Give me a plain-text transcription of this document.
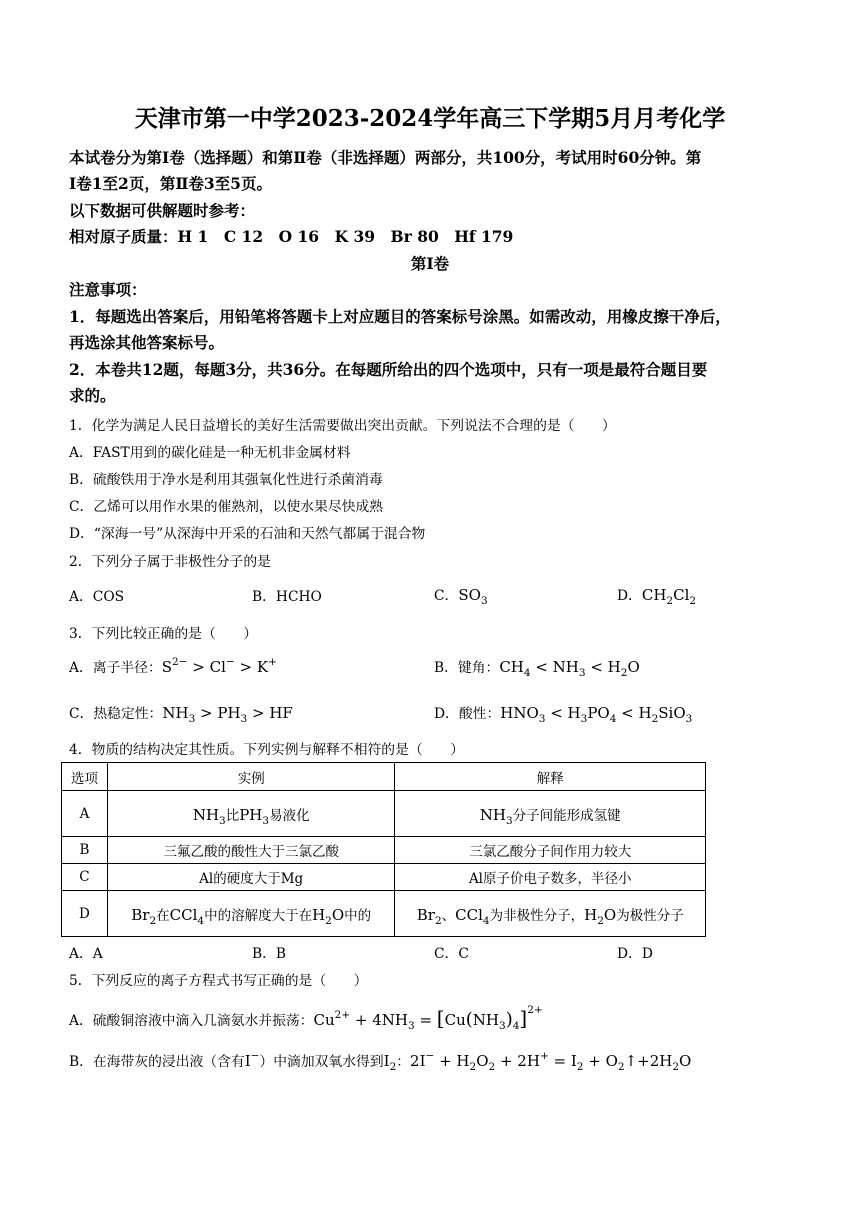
天津市第一中学2023-2024学年高三下学期5月月考化学
本试卷分为第Ⅰ卷（选择题）和第Ⅱ卷（非选择题）两部分，共100分，考试用时60分钟。第
Ⅰ卷1至2页，第Ⅱ卷3至5页。
以下数据可供解题时参考：
相对原子质量：H 1　C 12　O 16　K 39　Br 80　Hf 179
第Ⅰ卷
注意事项：
1．每题选出答案后，用铅笔将答题卡上对应题目的答案标号涂黑。如需改动，用橡皮擦干净后，
再选涂其他答案标号。
2．本卷共12题，每题3分，共36分。在每题所给出的四个选项中，只有一项是最符合题目要
求的。
1．化学为满足人民日益增长的美好生活需要做出突出贡献。下列说法不合理的是（　　）
A．FAST用到的碳化硅是一种无机非金属材料
B．硫酸铁用于净水是利用其强氧化性进行杀菌消毒
C．乙烯可以用作水果的催熟剂，以使水果尽快成熟
D．“深海一号”从深海中开采的石油和天然气都属于混合物
2．下列分子属于非极性分子的是
A．COS	B．HCHO	C．$SO_3$	D．$CH_2Cl_2$
3．下列比较正确的是（　　）
A．离子半径：$S^{2-} > Cl^- > K^+$	B．键角：$CH_4 < NH_3 < H_2O$
C．热稳定性：$NH_3 > PH_3$ > HF	D．酸性：$HNO_3 < H_3PO_4 < H_2SiO_3$
4．物质的结构决定其性质。下列实例与解释不相符的是（　　）
选项	实例	解释
A	$NH_3$比$PH_3$易液化	$NH_3$分子间能形成氢键
B	三氟乙酸的酸性大于三氯乙酸	三氯乙酸分子间作用力较大
C	Al的硬度大于Mg	Al原子价电子数多，半径小
D	$Br_2$在CCl$_4$中的溶解度大于在$H_2O$中的	$Br_2$、CCl$_4$为非极性分子，$H_2O$为极性分子
A．A	B．B	C．C	D．D
5．下列反应的离子方程式书写正确的是（　　）
A．硫酸铜溶液中滴入几滴氨水并振荡：$Cu^{2+} + 4NH_3 = [Cu(NH_3)_4]^{2+}$
B．在海带灰的浸出液（含有I−）中滴加双氧水得到$I_2$：$2I^- + H_2O_2 + 2H^+ = I_2$ + $O_2↑+2H_2O$
